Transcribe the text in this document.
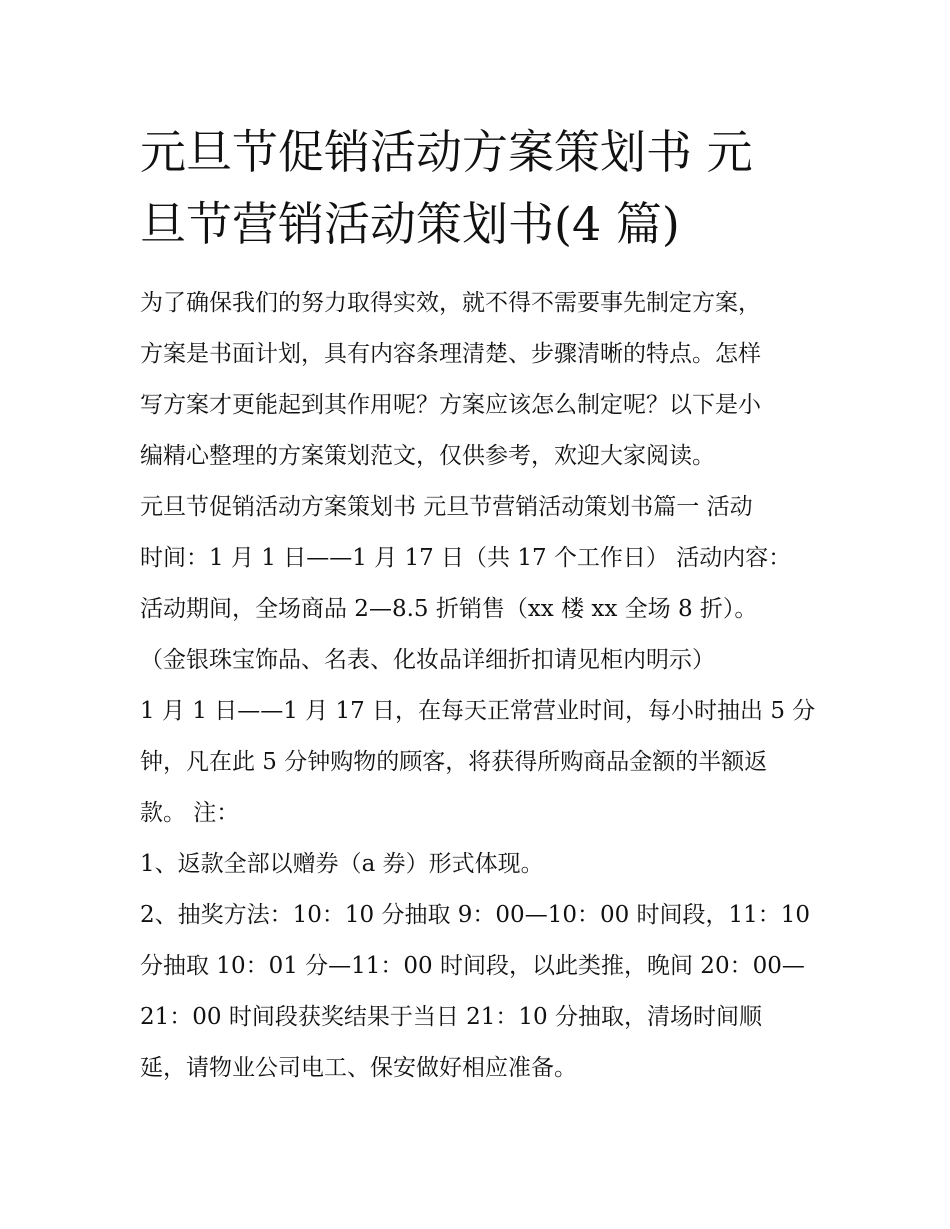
元旦节促销活动方案策划书 元
旦节营销活动策划书(4 篇)

为了确保我们的努力取得实效，就不得不需要事先制定方案，
方案是书面计划，具有内容条理清楚、步骤清晰的特点。怎样
写方案才更能起到其作用呢？方案应该怎么制定呢？以下是小
编精心整理的方案策划范文，仅供参考，欢迎大家阅读。

元旦节促销活动方案策划书 元旦节营销活动策划书篇一 活动
时间：1 月 1 日——1 月 17 日（共 17 个工作日） 活动内容：
活动期间，全场商品 2—8.5 折销售（xx 楼 xx 全场 8 折）。
（金银珠宝饰品、名表、化妆品详细折扣请见柜内明示）

1 月 1 日——1 月 17 日，在每天正常营业时间，每小时抽出 5 分
钟，凡在此 5 分钟购物的顾客，将获得所购商品金额的半额返
款。 注：

1、返款全部以赠券（a 券）形式体现。

2、抽奖方法：10：10 分抽取 9：00—10：00 时间段，11：10
分抽取 10：01 分—11：00 时间段，以此类推，晚间 20：00—
21：00 时间段获奖结果于当日 21：10 分抽取，清场时间顺
延，请物业公司电工、保安做好相应准备。
